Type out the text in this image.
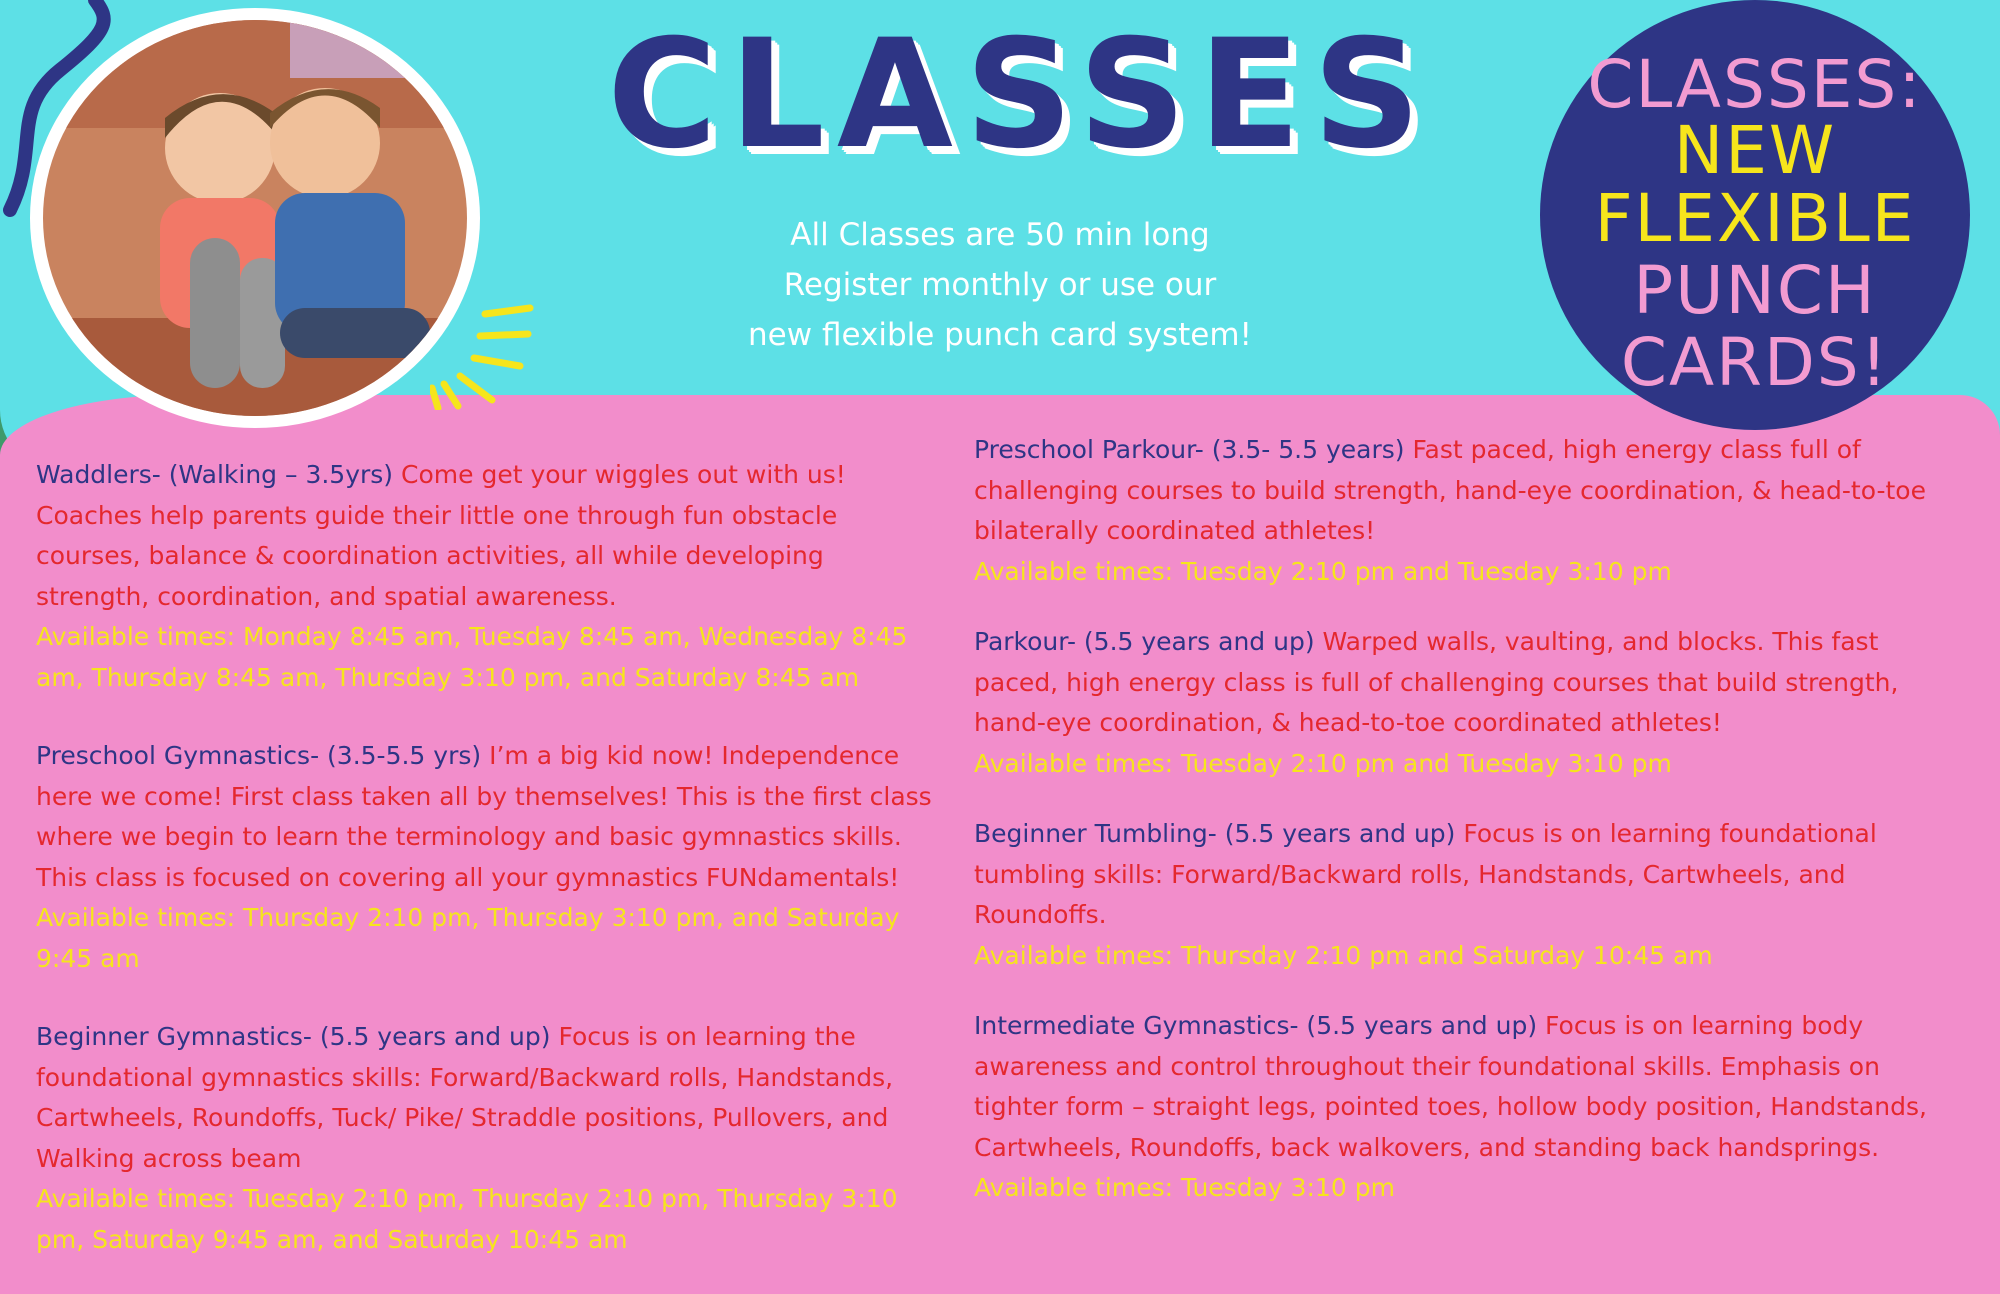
CLASSES
All Classes are 50 min long
Register monthly or use our
new flexible punch card system!
CLASSES:
NEW
FLEXIBLE
PUNCH
CARDS!

Waddlers- (Walking – 3.5yrs) Come get your wiggles out with us! Coaches help parents guide their little one through fun obstacle courses, balance & coordination activities, all while developing strength, coordination, and spatial awareness.

Available times: Monday 8:45 am, Tuesday 8:45 am, Wednesday 8:45 am, Thursday 8:45 am, Thursday 3:10 pm, and Saturday 8:45 am

Preschool Gymnastics- (3.5-5.5 yrs) I’m a big kid now! Independence here we come! First class taken all by themselves! This is the first class where we begin to learn the terminology and basic gymnastics skills. This class is focused on covering all your gymnastics FUNdamentals!

Available times: Thursday 2:10 pm, Thursday 3:10 pm, and Saturday 9:45 am

Beginner Gymnastics- (5.5 years and up) Focus is on learning the foundational gymnastics skills: Forward/Backward rolls, Handstands, Cartwheels, Roundoffs, Tuck/ Pike/ Straddle positions, Pullovers, and Walking across beam

Available times: Tuesday 2:10 pm, Thursday 2:10 pm, Thursday 3:10 pm, Saturday 9:45 am, and Saturday 10:45 am

Preschool Parkour- (3.5- 5.5 years) Fast paced, high energy class full of challenging courses to build strength, hand-eye coordination, & head-to-toe bilaterally coordinated athletes!

Available times: Tuesday 2:10 pm and Tuesday 3:10 pm

Parkour- (5.5 years and up) Warped walls, vaulting, and blocks. This fast paced, high energy class is full of challenging courses that build strength, hand-eye coordination, & head-to-toe coordinated athletes!

Available times: Tuesday 2:10 pm and Tuesday 3:10 pm

Beginner Tumbling- (5.5 years and up) Focus is on learning foundational tumbling skills: Forward/Backward rolls, Handstands, Cartwheels, and Roundoffs.

Available times: Thursday 2:10 pm and Saturday 10:45 am

Intermediate Gymnastics- (5.5 years and up) Focus is on learning body awareness and control throughout their foundational skills. Emphasis on tighter form – straight legs, pointed toes, hollow body position, Handstands, Cartwheels, Roundoffs, back walkovers, and standing back handsprings.

Available times: Tuesday 3:10 pm
